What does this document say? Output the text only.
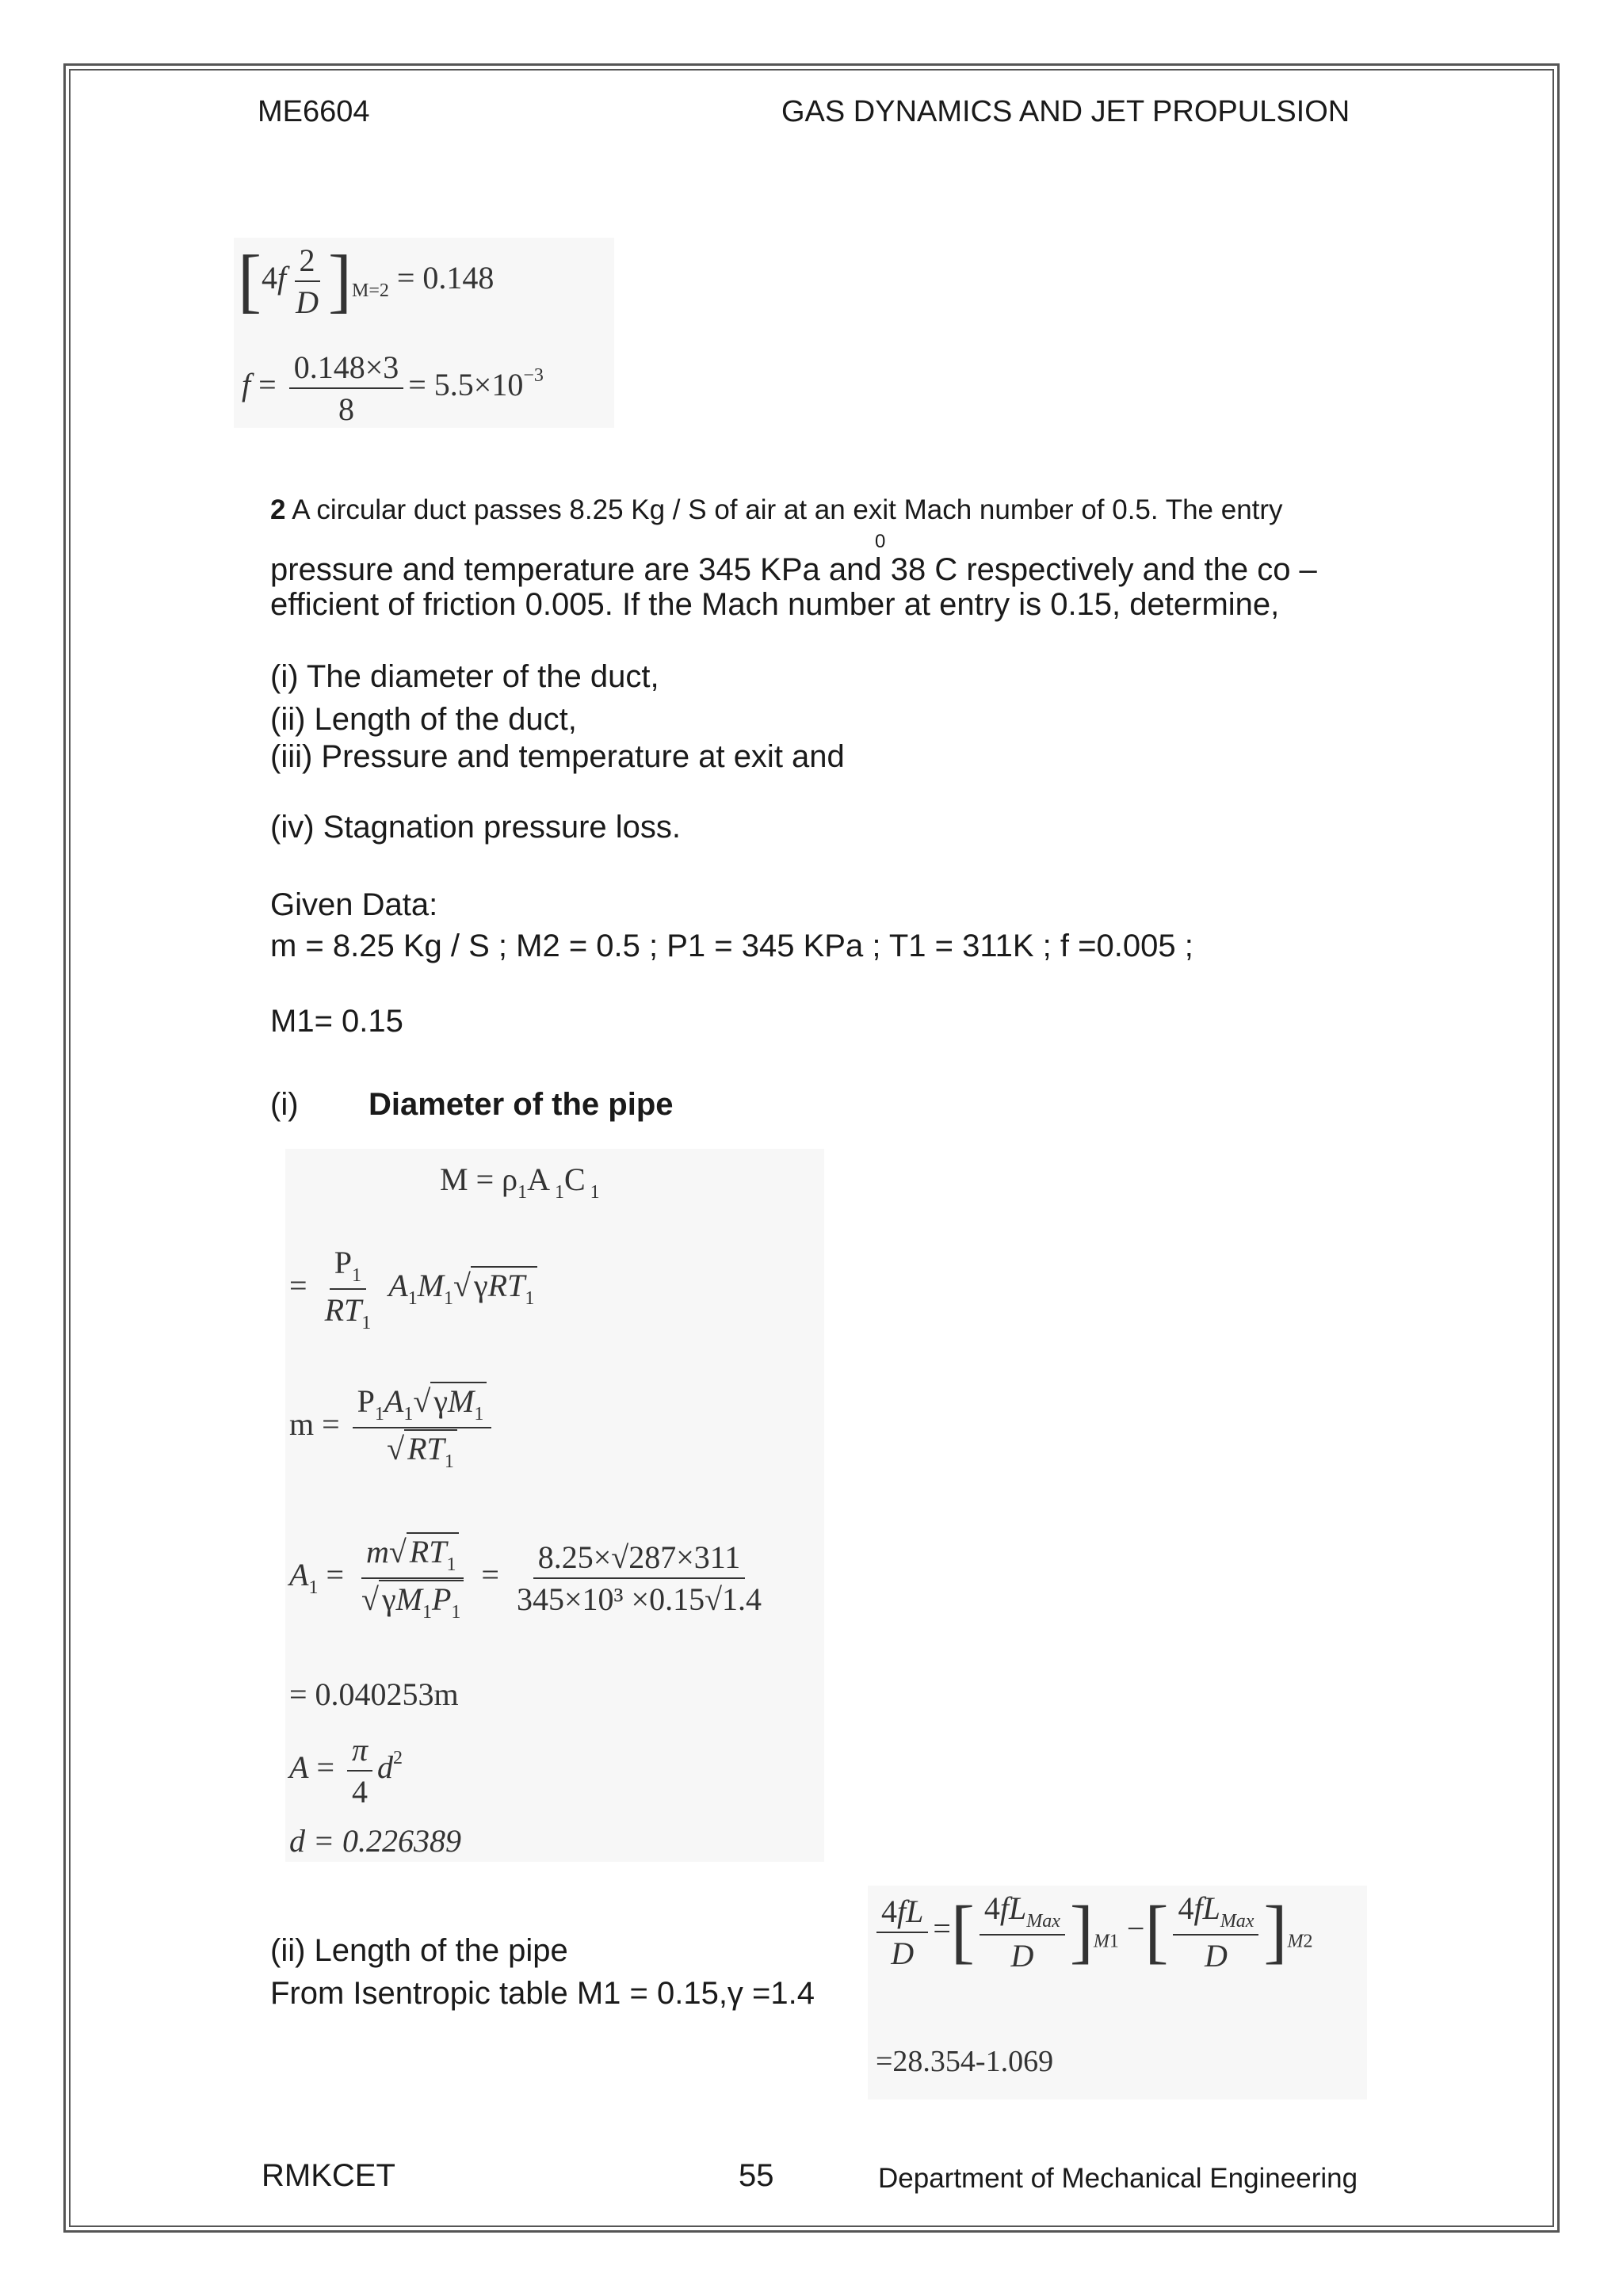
ME6604	GAS DYNAMICS AND JET PROPULSION
$[4f \frac{2}{D} ]_{M=2} = 0.148$
$f = \frac{0.148\times 3}{8} = 5.5\times 10^{-3}$
2 A circular duct passes 8.25 Kg / S of air at an exit Mach number of 0.5. The entry
0
pressure and temperature are 345 KPa and 38 C respectively and the co –
efficient of friction 0.005. If the Mach number at entry is 0.15, determine,
(i) The diameter of the duct,
(ii) Length of the duct,
(iii) Pressure and temperature at exit and
(iv) Stagnation pressure loss.
Given Data:
m = 8.25 Kg / S ; M2 = 0.5 ; P1 = 345 KPa ; T1 = 311K ; f =0.005 ;
M1= 0.15
(i) Diameter of the pipe
$M = \rho_1A$ $_1$C $_1$
= $\frac{P_1}{RT_1} A_1M_1√$ γRT$_1$
$m = \frac{P_1A_1√ \gamma M_1}{√ RT_1}$
$A_1 = \frac{m√ RT_1}{√ \gamma M_1P_1} = \frac{8.25\times√287\times 311}{\text{345×10³ ×0.15√1.4}}$
= 0.040253m
$A = \frac{\pi}{4} d^2$
d = 0.226389
(ii) Length of the pipe
From Isentropic table M1 = 0.15,γ =1.4
$\frac{4fL}{D}$ =[ $\frac{4fL_{Max}}{D} ]_{M1}$ −[ $\frac{4fL_{Max}}{D} ]_{M2}$
=28.354-1.069
RMKCET	55	Department of Mechanical Engineering
